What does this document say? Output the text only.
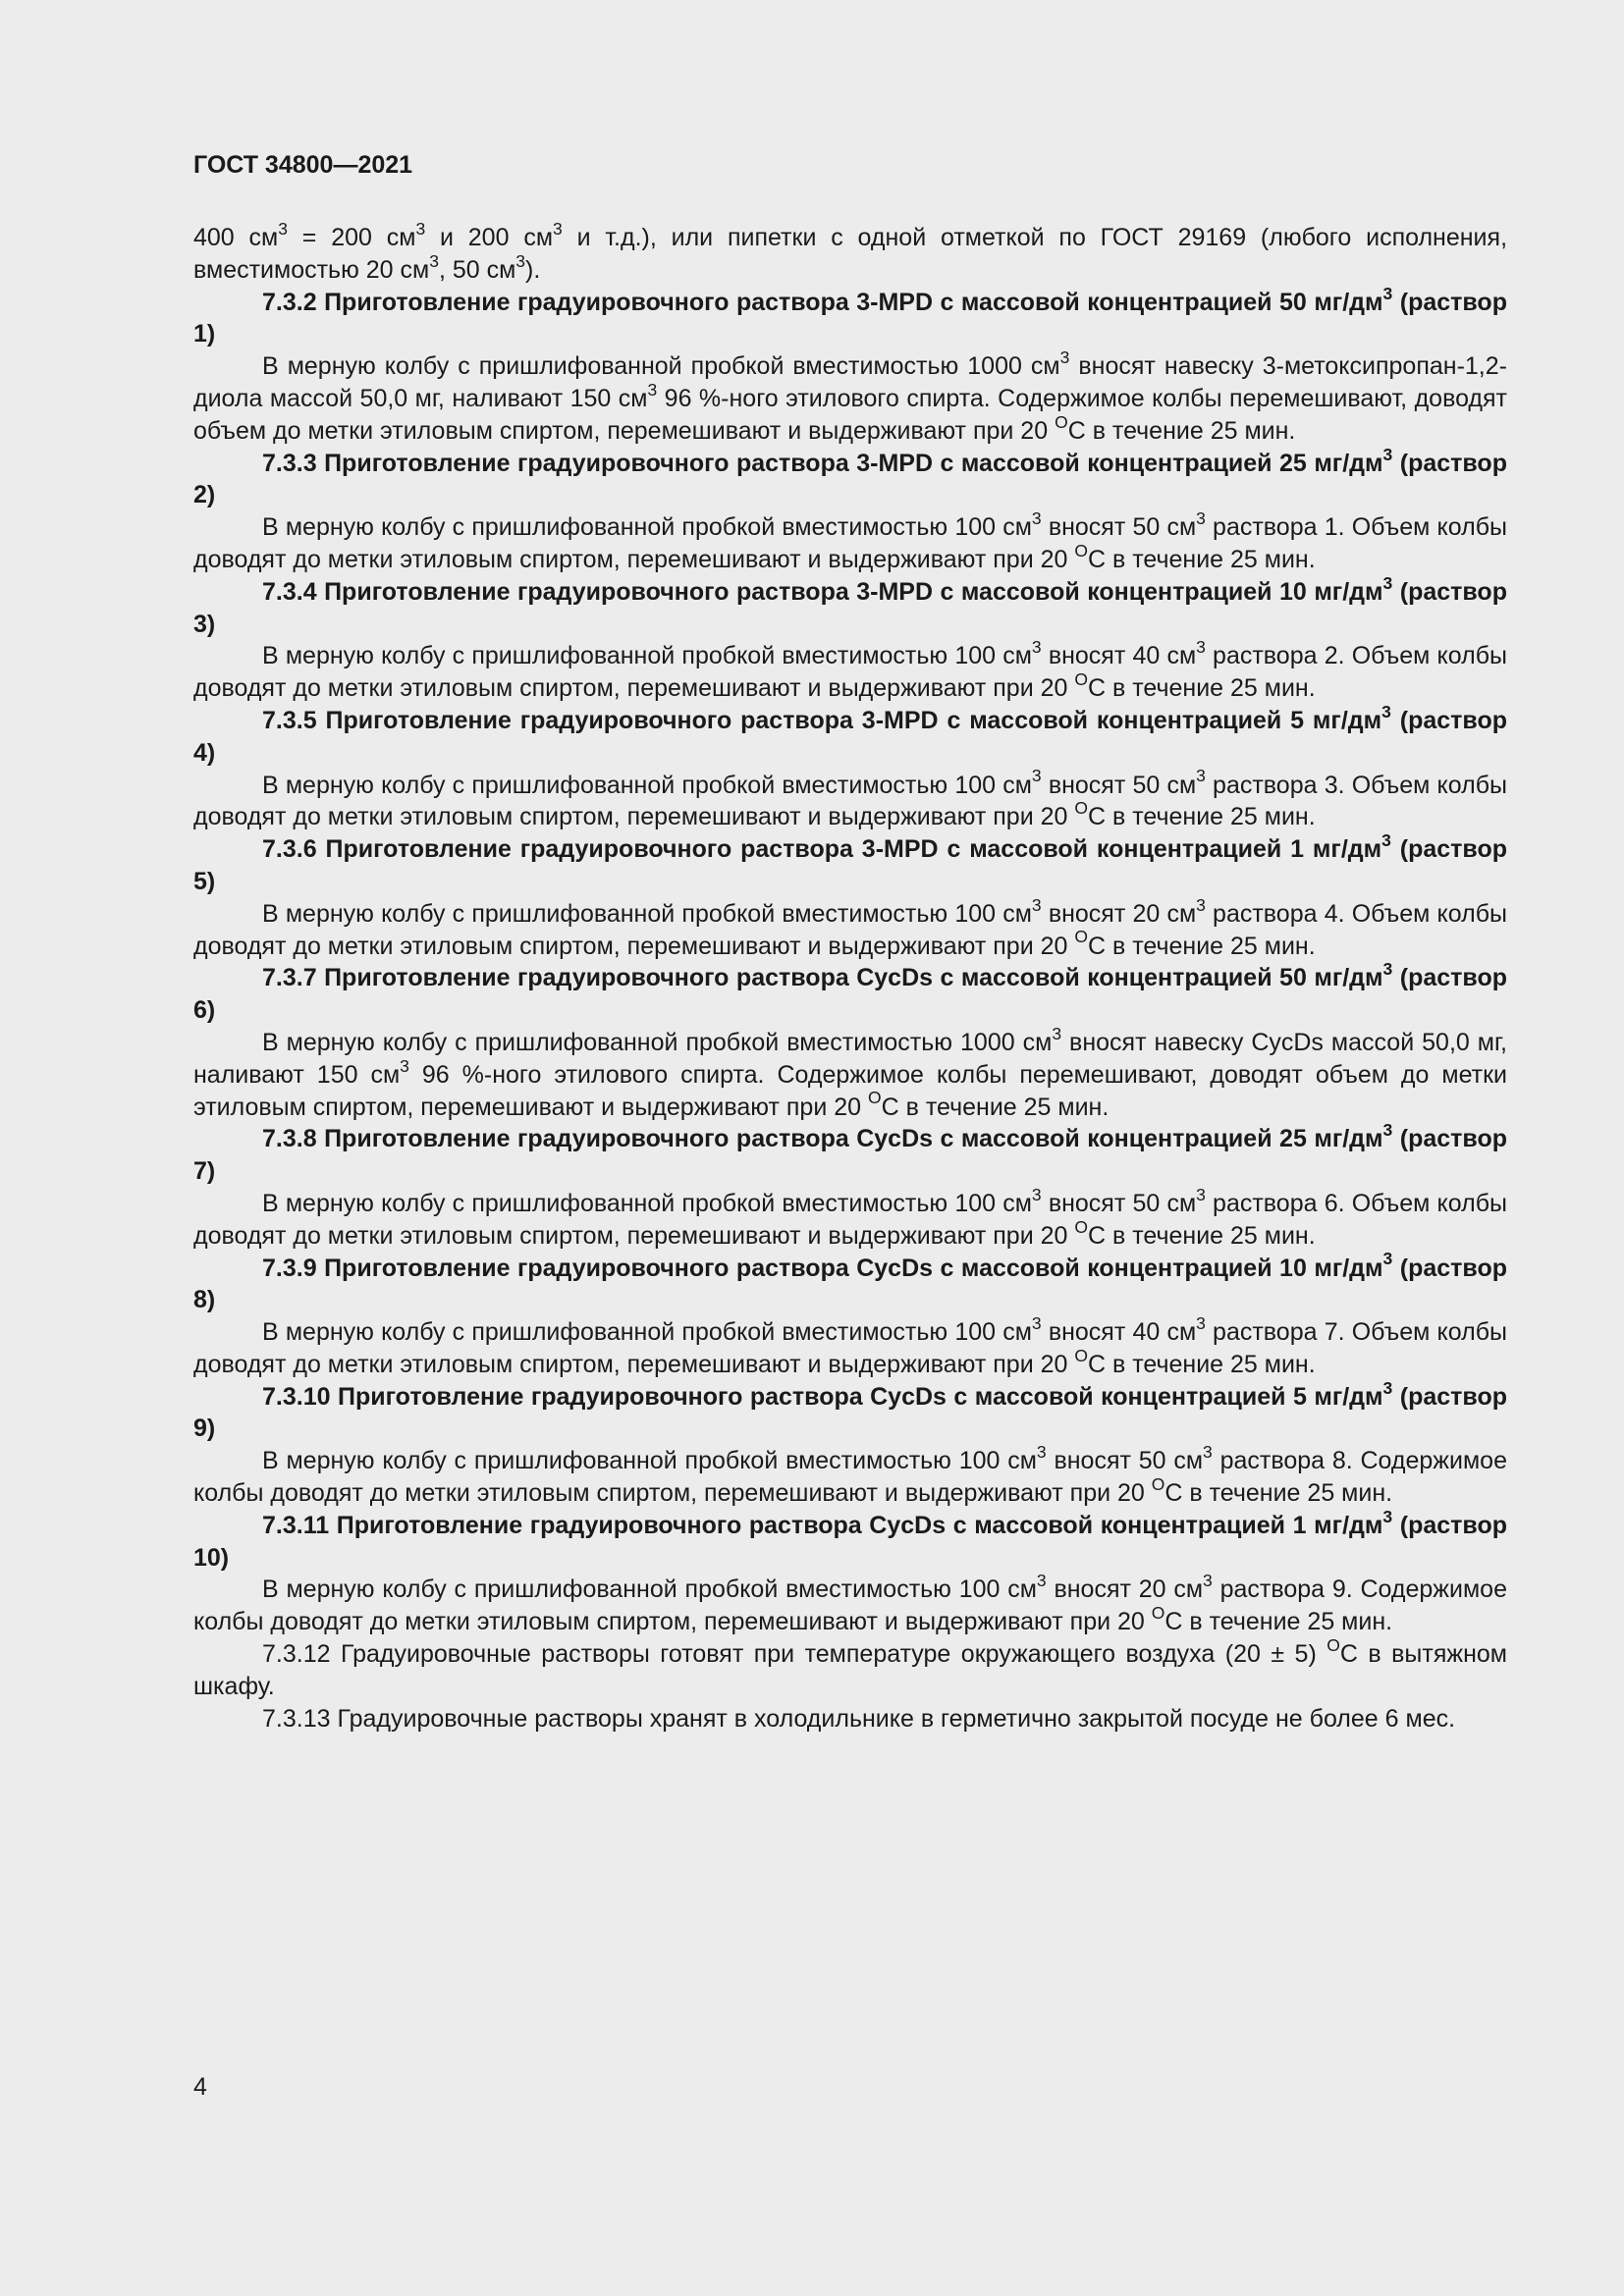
ГОСТ 34800—2021

400 $см^3 = 200$ $см^3$ и 200 $см^3$ и т.д.), или пипетки с одной отметкой по ГОСТ 29169 (любого исполнения, вместимостью 20 $см^3$, 50 $см^3$).

7.3.2 Приготовление градуировочного раствора 3-MPD с массовой концентрацией 50 $мг/дм^3$ (раствор 1)

В мерную колбу с пришлифованной пробкой вместимостью 1000 $см^3$ вносят навеску 3-метоксипропан-1,2-диола массой 50,0 мг, наливают 150 $см^3$ 96 %-ного этилового спирта. Содержимое колбы перемешивают, доводят объем до метки этиловым спиртом, перемешивают и выдерживают при 20 $^О$С в течение 25 мин.

7.3.3 Приготовление градуировочного раствора 3-MPD с массовой концентрацией 25 $мг/дм^3$ (раствор 2)

В мерную колбу с пришлифованной пробкой вместимостью 100 $см^3$ вносят 50 $см^3$ раствора 1. Объем колбы доводят до метки этиловым спиртом, перемешивают и выдерживают при 20 $^О$С в течение 25 мин.

7.3.4 Приготовление градуировочного раствора 3-MPD с массовой концентрацией 10 $мг/дм^3$ (раствор 3)

В мерную колбу с пришлифованной пробкой вместимостью 100 $см^3$ вносят 40 $см^3$ раствора 2. Объем колбы доводят до метки этиловым спиртом, перемешивают и выдерживают при 20 $^О$С в течение 25 мин.

7.3.5 Приготовление градуировочного раствора 3-MPD с массовой концентрацией 5 $мг/дм^3$ (раствор 4)

В мерную колбу с пришлифованной пробкой вместимостью 100 $см^3$ вносят 50 $см^3$ раствора 3. Объем колбы доводят до метки этиловым спиртом, перемешивают и выдерживают при 20 $^О$С в течение 25 мин.

7.3.6 Приготовление градуировочного раствора 3-MPD с массовой концентрацией 1 $мг/дм^3$ (раствор 5)

В мерную колбу с пришлифованной пробкой вместимостью 100 $см^3$ вносят 20 $см^3$ раствора 4. Объем колбы доводят до метки этиловым спиртом, перемешивают и выдерживают при 20 $^О$С в течение 25 мин.

7.3.7 Приготовление градуировочного раствора CycDs с массовой концентрацией 50 $мг/дм^3$ (раствор 6)

В мерную колбу с пришлифованной пробкой вместимостью 1000 $см^3$ вносят навеску CycDs массой 50,0 мг, наливают 150 $см^3$ 96 %-ного этилового спирта. Содержимое колбы перемешивают, доводят объем до метки этиловым спиртом, перемешивают и выдерживают при 20 $^О$С в течение 25 мин.

7.3.8 Приготовление градуировочного раствора CycDs с массовой концентрацией 25 $мг/дм^3$ (раствор 7)

В мерную колбу с пришлифованной пробкой вместимостью 100 $см^3$ вносят 50 $см^3$ раствора 6. Объем колбы доводят до метки этиловым спиртом, перемешивают и выдерживают при 20 $^О$С в течение 25 мин.

7.3.9 Приготовление градуировочного раствора CycDs с массовой концентрацией 10 $мг/дм^3$ (раствор 8)

В мерную колбу с пришлифованной пробкой вместимостью 100 $см^3$ вносят 40 $см^3$ раствора 7. Объем колбы доводят до метки этиловым спиртом, перемешивают и выдерживают при 20 $^О$С в течение 25 мин.

7.3.10 Приготовление градуировочного раствора CycDs с массовой концентрацией 5 $мг/дм^3$ (раствор 9)

В мерную колбу с пришлифованной пробкой вместимостью 100 $см^3$ вносят 50 $см^3$ раствора 8. Содержимое колбы доводят до метки этиловым спиртом, перемешивают и выдерживают при 20 $^О$С в течение 25 мин.

7.3.11 Приготовление градуировочного раствора CycDs с массовой концентрацией 1 $мг/дм^3$ (раствор 10)

В мерную колбу с пришлифованной пробкой вместимостью 100 $см^3$ вносят 20 $см^3$ раствора 9. Содержимое колбы доводят до метки этиловым спиртом, перемешивают и выдерживают при 20 $^О$С в течение 25 мин.

7.3.12 Градуировочные растворы готовят при температуре окружающего воздуха (20 ± 5) $^О$С в вытяжном шкафу.

7.3.13 Градуировочные растворы хранят в холодильнике в герметично закрытой посуде не более 6 мес.

4
